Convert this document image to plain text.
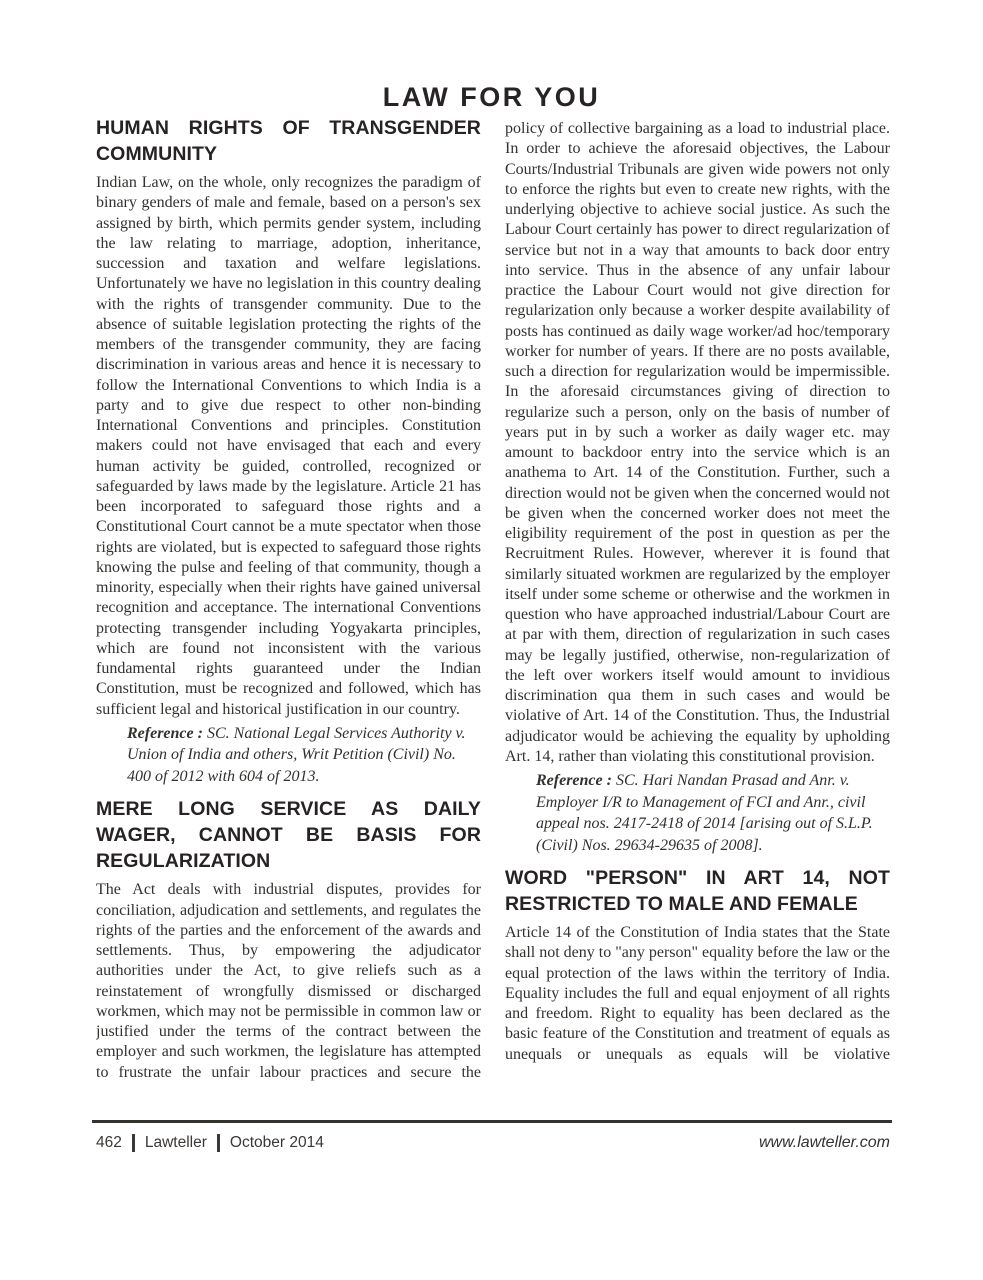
LAW FOR YOU
HUMAN RIGHTS OF TRANSGENDER COMMUNITY

Indian Law, on the whole, only recognizes the paradigm of binary genders of male and female, based on a person's sex assigned by birth, which permits gender system, including the law relating to marriage, adoption, inheritance, succession and taxation and welfare legislations. Unfortunately we have no legislation in this country dealing with the rights of transgender community. Due to the absence of suitable legislation protecting the rights of the members of the transgender community, they are facing discrimination in various areas and hence it is necessary to follow the International Conventions to which India is a party and to give due respect to other non-binding International Conventions and principles. Constitution makers could not have envisaged that each and every human activity be guided, controlled, recognized or safeguarded by laws made by the legislature. Article 21 has been incorporated to safeguard those rights and a Constitutional Court cannot be a mute spectator when those rights are violated, but is expected to safeguard those rights knowing the pulse and feeling of that community, though a minority, especially when their rights have gained universal recognition and acceptance. The international Conventions protecting transgender including Yogyakarta principles, which are found not inconsistent with the various fundamental rights guaranteed under the Indian Constitution, must be recognized and followed, which has sufficient legal and historical justification in our country.

Reference : SC. National Legal Services Authority v. Union of India and others, Writ Petition (Civil) No. 400 of 2012 with 604 of 2013.
MERE LONG SERVICE AS DAILY WAGER, CANNOT BE BASIS FOR REGULARIZATION

The Act deals with industrial disputes, provides for conciliation, adjudication and settlements, and regulates the rights of the parties and the enforcement of the awards and settlements. Thus, by empowering the adjudicator authorities under the Act, to give reliefs such as a reinstatement of wrongfully dismissed or discharged workmen, which may not be permissible in common law or justified under the terms of the contract between the employer and such workmen, the legislature has attempted to frustrate the unfair labour practices and secure the

policy of collective bargaining as a load to industrial place. In order to achieve the aforesaid objectives, the Labour Courts/Industrial Tribunals are given wide powers not only to enforce the rights but even to create new rights, with the underlying objective to achieve social justice. As such the Labour Court certainly has power to direct regularization of service but not in a way that amounts to back door entry into service. Thus in the absence of any unfair labour practice the Labour Court would not give direction for regularization only because a worker despite availability of posts has continued as daily wage worker/ad hoc/temporary worker for number of years. If there are no posts available, such a direction for regularization would be impermissible. In the aforesaid circumstances giving of direction to regularize such a person, only on the basis of number of years put in by such a worker as daily wager etc. may amount to backdoor entry into the service which is an anathema to Art. 14 of the Constitution. Further, such a direction would not be given when the concerned would not be given when the concerned worker does not meet the eligibility requirement of the post in question as per the Recruitment Rules. However, wherever it is found that similarly situated workmen are regularized by the employer itself under some scheme or otherwise and the workmen in question who have approached industrial/Labour Court are at par with them, direction of regularization in such cases may be legally justified, otherwise, non-regularization of the left over workers itself would amount to invidious discrimination qua them in such cases and would be violative of Art. 14 of the Constitution. Thus, the Industrial adjudicator would be achieving the equality by upholding Art. 14, rather than violating this constitutional provision.

Reference : SC. Hari Nandan Prasad and Anr. v. Employer I/R to Management of FCI and Anr., civil appeal nos. 2417-2418 of 2014 [arising out of S.L.P. (Civil) Nos. 29634-29635 of 2008].
WORD "PERSON" IN ART 14, NOT RESTRICTED TO MALE AND FEMALE

Article 14 of the Constitution of India states that the State shall not deny to "any person" equality before the law or the equal protection of the laws within the territory of India. Equality includes the full and equal enjoyment of all rights and freedom. Right to equality has been declared as the basic feature of the Constitution and treatment of equals as unequals or unequals as equals will be violative

462 Lawteller October 2014	www.lawteller.com
